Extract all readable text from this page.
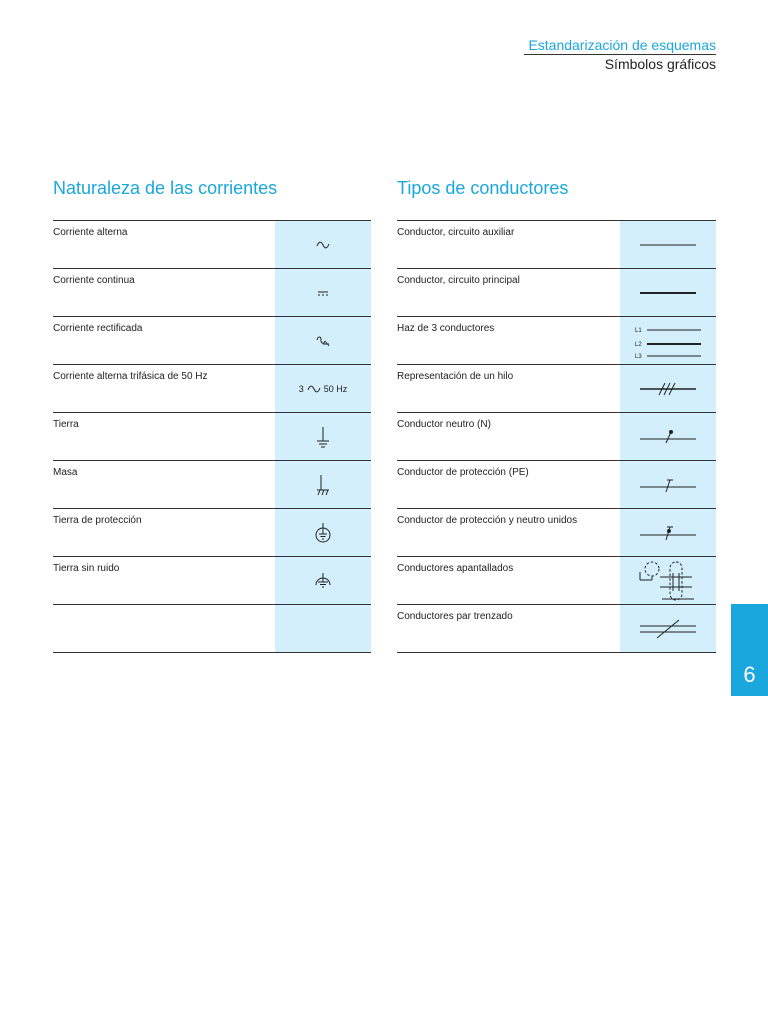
Estandarización de esquemas
Símbolos gráficos
Naturaleza de las corrientes
Corriente alterna
Corriente continua
Corriente rectificada
Corriente alterna trifásica de 50 Hz
3 50 Hz
Tierra
Masa
Tierra de protección
Tierra sin ruido
Tipos de conductores
Conductor, circuito auxiliar
Conductor, circuito principal
Haz de 3 conductores	L1
L2
L3
Representación de un hilo
Conductor neutro (N)
Conductor de protección (PE)
Conductor de protección y neutro unidos
Conductores apantallados
Conductores par trenzado
6
